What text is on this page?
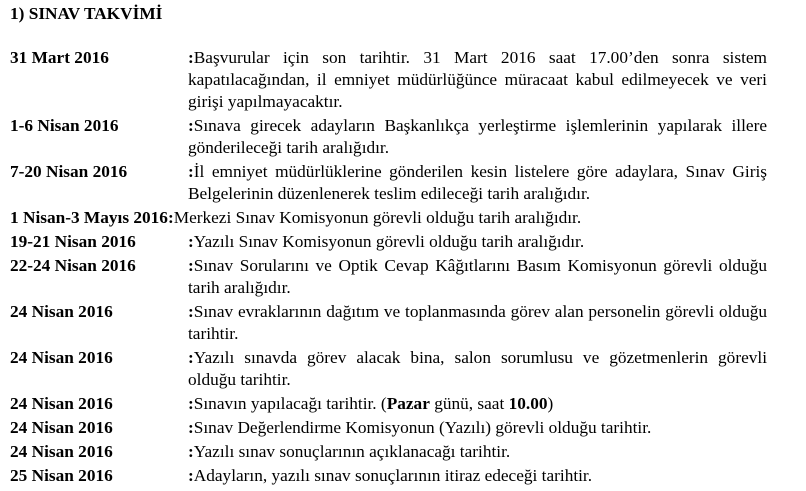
1) SINAV TAKVİMİ
31 Mart 2016	:Başvurular için son tarihtir. 31 Mart 2016 saat 17.00’den sonra sistem kapatılacağından, il emniyet müdürlüğünce müracaat kabul edilmeyecek ve veri girişi yapılmayacaktır.
1-6 Nisan 2016	:Sınava girecek adayların Başkanlıkça yerleştirme işlemlerinin yapılarak illere gönderileceği tarih aralığıdır.
7-20 Nisan 2016	:İl emniyet müdürlüklerine gönderilen kesin listelere göre adaylara, Sınav Giriş Belgelerinin düzenlenerek teslim edileceği tarih aralığıdır.
1 Nisan-3 Mayıs 2016 :Merkezi Sınav Komisyonun görevli olduğu tarih aralığıdır.
19-21 Nisan 2016	:Yazılı Sınav Komisyonun görevli olduğu tarih aralığıdır.
22-24 Nisan 2016	:Sınav Sorularını ve Optik Cevap Kâğıtlarını Basım Komisyonun görevli olduğu tarih aralığıdır.
24 Nisan 2016	:Sınav evraklarının dağıtım ve toplanmasında görev alan personelin görevli olduğu tarihtir.
24 Nisan 2016	:Yazılı sınavda görev alacak bina, salon sorumlusu ve gözetmenlerin görevli olduğu tarihtir.
24 Nisan 2016	:Sınavın yapılacağı tarihtir. (Pazar günü, saat 10.00)
24 Nisan 2016	:Sınav Değerlendirme Komisyonun (Yazılı) görevli olduğu tarihtir.
24 Nisan 2016	:Yazılı sınav sonuçlarının açıklanacağı tarihtir.
25 Nisan 2016	:Adayların, yazılı sınav sonuçlarının itiraz edeceği tarihtir.
